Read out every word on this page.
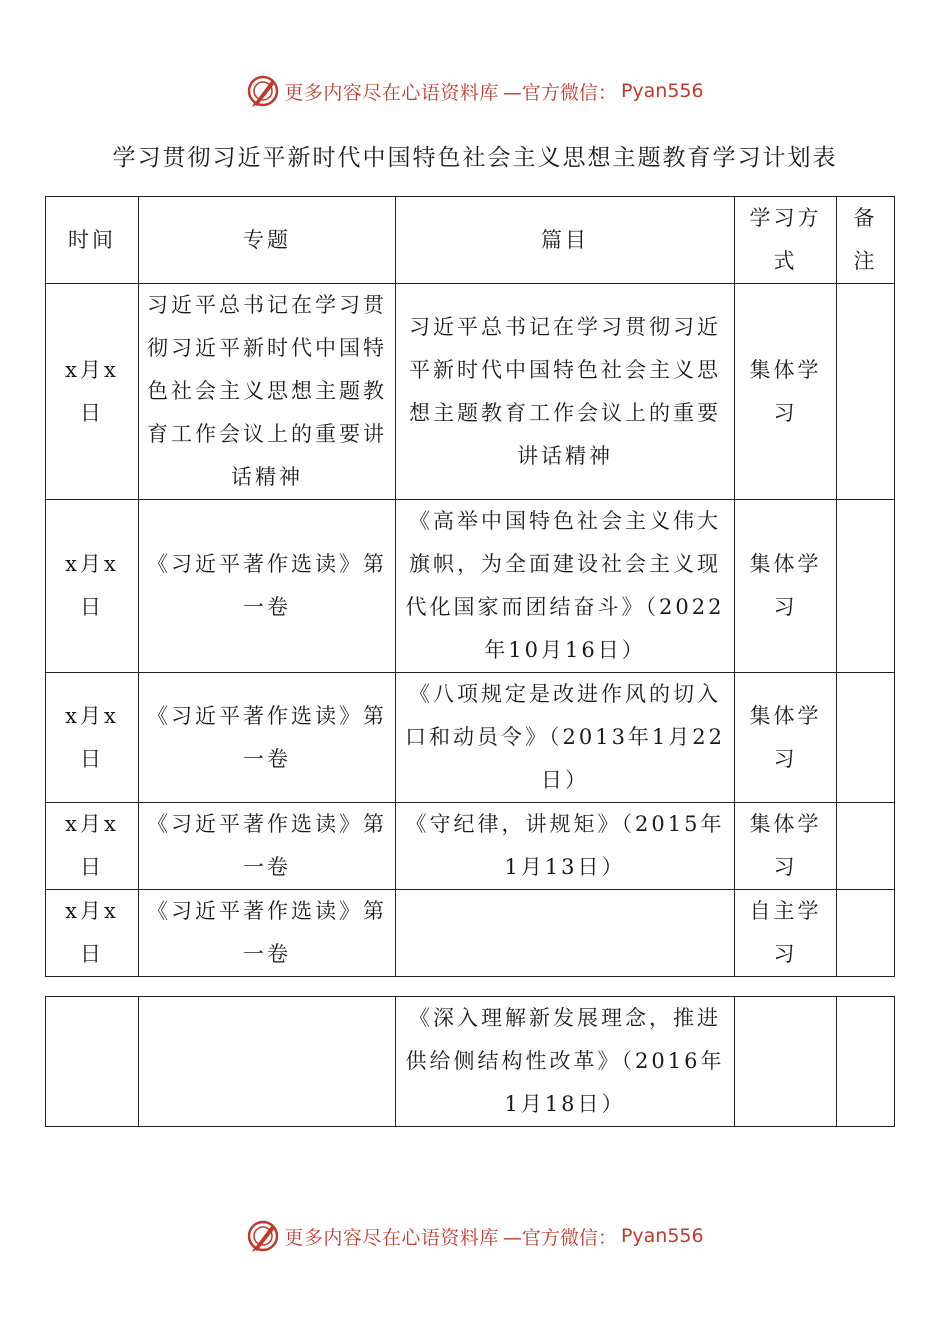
更多内容尽在心语资料库 —官方微信： Pyan556
学习贯彻习近平新时代中国特色社会主义思想主题教育学习计划表
时间	专题	篇目	学习方式	备注
x月x日	习近平总书记在学习贯彻习近平新时代中国特色社会主义思想主题教育工作会议上的重要讲话精神	习近平总书记在学习贯彻习近平新时代中国特色社会主义思想主题教育工作会议上的重要讲话精神	集体学习	
x月x日	《习近平著作选读》第一卷	《高举中国特色社会主义伟大旗帜，为全面建设社会主义现代化国家而团结奋斗》（2022年10月16日）	集体学习	
x月x日	《习近平著作选读》第一卷	《八项规定是改进作风的切入口和动员令》（2013年1月22日）	集体学习	
x月x日	《习近平著作选读》第一卷	《守纪律，讲规矩》（2015年1月13日）	集体学习	
x月x日	《习近平著作选读》第一卷		自主学习	
		《深入理解新发展理念，推进供给侧结构性改革》（2016年1月18日）		
更多内容尽在心语资料库 —官方微信： Pyan556
